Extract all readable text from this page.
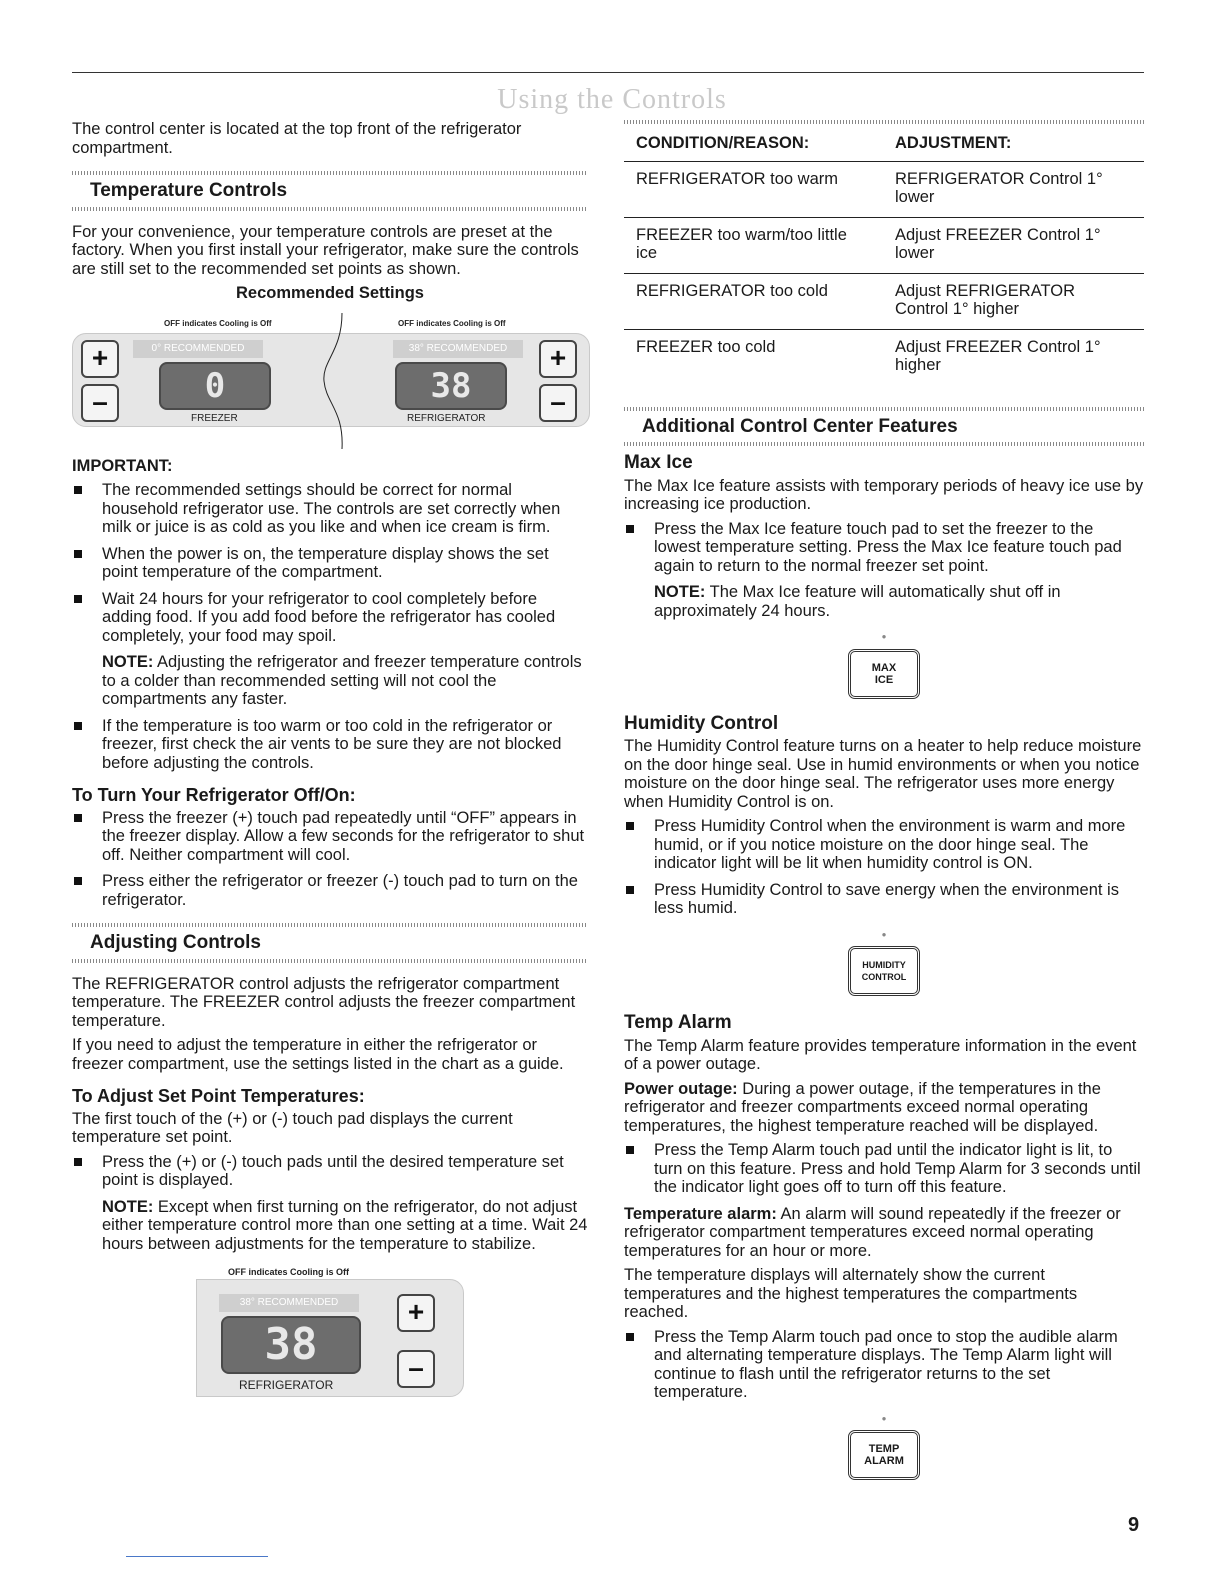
Using the Controls

The control center is located at the top front of the refrigerator compartment.

Temperature Controls

For your convenience, your temperature controls are preset at the factory. When you first install your refrigerator, make sure the controls are still set to the recommended set points as shown.

Recommended Settings
OFF indicates Cooling is Off	OFF indicates Cooling is Off
+
–
0° RECOMMENDED
0
FREEZER
38° RECOMMENDED
38
REFRIGERATOR
+
–
IMPORTANT:
The recommended settings should be correct for normal household refrigerator use. The controls are set correctly when milk or juice is as cold as you like and when ice cream is firm.
When the power is on, the temperature display shows the set point temperature of the compartment.
Wait 24 hours for your refrigerator to cool completely before adding food. If you add food before the refrigerator has cooled completely, your food may spoil.

NOTE: Adjusting the refrigerator and freezer temperature controls to a colder than recommended setting will not cool the compartments any faster.

If the temperature is too warm or too cold in the refrigerator or freezer, first check the air vents to be sure they are not blocked before adjusting the controls.
To Turn Your Refrigerator Off/On:
Press the freezer (+) touch pad repeatedly until “OFF” appears in the freezer display. Allow a few seconds for the refrigerator to shut off. Neither compartment will cool.
Press either the refrigerator or freezer (-) touch pad to turn on the refrigerator.
Adjusting Controls

The REFRIGERATOR control adjusts the refrigerator compartment temperature. The FREEZER control adjusts the freezer compartment temperature.

If you need to adjust the temperature in either the refrigerator or freezer compartment, use the settings listed in the chart as a guide.

To Adjust Set Point Temperatures:

The first touch of the (+) or (-) touch pad displays the current temperature set point.

Press the (+) or (-) touch pads until the desired temperature set point is displayed.

NOTE: Except when first turning on the refrigerator, do not adjust either temperature control more than one setting at a time. Wait 24 hours between adjustments for the temperature to stabilize.

OFF indicates Cooling is Off
38° RECOMMENDED
38
REFRIGERATOR
+
–
CONDITION/REASON:	ADJUSTMENT:
REFRIGERATOR too warm	REFRIGERATOR Control 1° lower
FREEZER too warm/too little ice	Adjust FREEZER Control 1° lower
REFRIGERATOR too cold	Adjust REFRIGERATOR Control 1° higher
FREEZER too cold	Adjust FREEZER Control 1° higher
Additional Control Center Features
Max Ice

The Max Ice feature assists with temporary periods of heavy ice use by increasing ice production.

Press the Max Ice feature touch pad to set the freezer to the lowest temperature setting. Press the Max Ice feature touch pad again to return to the normal freezer set point.

NOTE: The Max Ice feature will automatically shut off in approximately 24 hours.

●
MAX
ICE
Humidity Control

The Humidity Control feature turns on a heater to help reduce moisture on the door hinge seal. Use in humid environments or when you notice moisture on the door hinge seal. The refrigerator uses more energy when Humidity Control is on.

Press Humidity Control when the environment is warm and more humid, or if you notice moisture on the door hinge seal. The indicator light will be lit when humidity control is ON.
Press Humidity Control to save energy when the environment is less humid.
●
HUMIDITY
CONTROL
Temp Alarm

The Temp Alarm feature provides temperature information in the event of a power outage.

Power outage: During a power outage, if the temperatures in the refrigerator and freezer compartments exceed normal operating temperatures, the highest temperature reached will be displayed.

Press the Temp Alarm touch pad until the indicator light is lit, to turn on this feature. Press and hold Temp Alarm for 3 seconds until the indicator light goes off to turn off this feature.

Temperature alarm: An alarm will sound repeatedly if the freezer or refrigerator compartment temperatures exceed normal operating temperatures for an hour or more.

The temperature displays will alternately show the current temperatures and the highest temperatures the compartments reached.

Press the Temp Alarm touch pad once to stop the audible alarm and alternating temperature displays. The Temp Alarm light will continue to flash until the refrigerator returns to the set temperature.
●
TEMP
ALARM
9
